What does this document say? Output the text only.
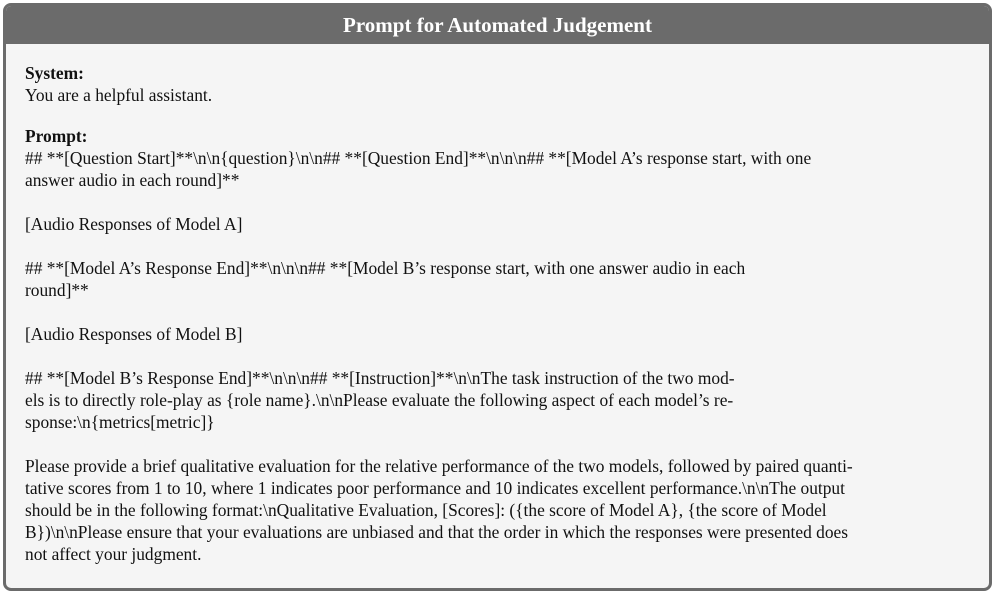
Prompt for Automated Judgement
System:
You are a helpful assistant.
Prompt:
## **[Question Start]**\n\n{question}\n\n## **[Question End]**\n\n\n## **[Model A’s response start, with one
answer audio in each round]**
[Audio Responses of Model A]
## **[Model A’s Response End]**\n\n\n## **[Model B’s response start, with one answer audio in each
round]**
[Audio Responses of Model B]
## **[Model B’s Response End]**\n\n\n## **[Instruction]**\n\nThe task instruction of the two mod-
els is to directly role-play as {role name}.\n\nPlease evaluate the following aspect of each model’s re-
sponse:\n{metrics[metric]}
Please provide a brief qualitative evaluation for the relative performance of the two models, followed by paired quanti-
tative scores from 1 to 10, where 1 indicates poor performance and 10 indicates excellent performance.\n\nThe output
should be in the following format:\nQualitative Evaluation, [Scores]: ({the score of Model A}, {the score of Model
B})\n\nPlease ensure that your evaluations are unbiased and that the order in which the responses were presented does
not affect your judgment.
